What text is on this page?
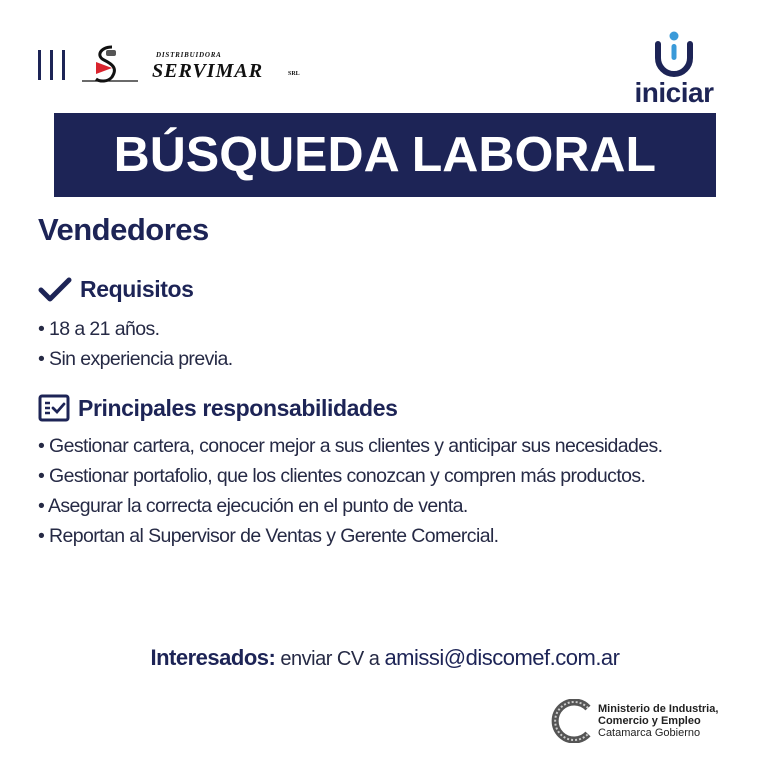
DISTRIBUIDORA
SERVIMAR	SRL
iniciar
BÚSQUEDA LABORAL
Vendedores
Requisitos
• 18 a 21 años.
• Sin experiencia previa.
Principales responsabilidades
• Gestionar cartera, conocer mejor a sus clientes y anticipar sus necesidades.
• Gestionar portafolio, que los clientes conozcan y compren más productos.
• Asegurar la correcta ejecución en el punto de venta.
• Reportan al Supervisor de Ventas y Gerente Comercial.
Interesados: enviar CV a amissi@discomef.com.ar
Ministerio de Industria,
Comercio y Empleo
Catamarca Gobierno
